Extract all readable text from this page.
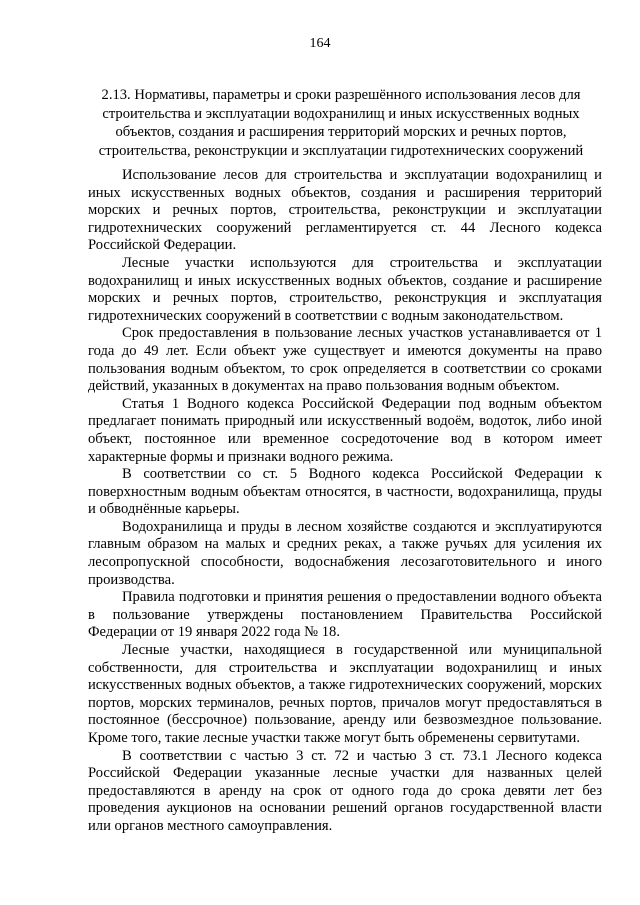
164
2.13. Нормативы, параметры и сроки разрешённого использования лесов для строительства и эксплуатации водохранилищ и иных искусственных водных объектов, создания и расширения территорий морских и речных портов, строительства, реконструкции и эксплуатации гидротехнических сооружений

Использование лесов для строительства и эксплуатации водохранилищ и иных искусственных водных объектов, создания и расширения территорий морских и речных портов, строительства, реконструкции и эксплуатации гидротехнических сооружений регламентируется ст. 44 Лесного кодекса Российской Федерации.

Лесные участки используются для строительства и эксплуатации водохранилищ и иных искусственных водных объектов, создание и расширение морских и речных портов, строительство, реконструкция и эксплуатация гидротехнических сооружений в соответствии с водным законодательством.

Срок предоставления в пользование лесных участков устанавливается от 1 года до 49 лет. Если объект уже существует и имеются документы на право пользования водным объектом, то срок определяется в соответствии со сроками действий, указанных в документах на право пользования водным объектом.

Статья 1 Водного кодекса Российской Федерации под водным объектом предлагает понимать природный или искусственный водоём, водоток, либо иной объект, постоянное или временное сосредоточение вод в котором имеет характерные формы и признаки водного режима.

В соответствии со ст. 5 Водного кодекса Российской Федерации к поверхностным водным объектам относятся, в частности, водохранилища, пруды и обводнённые карьеры.

Водохранилища и пруды в лесном хозяйстве создаются и эксплуатируются главным образом на малых и средних реках, а также ручьях для усиления их лесопропускной способности, водоснабжения лесозаготовительного и иного производства.

Правила подготовки и принятия решения о предоставлении водного объекта в пользование утверждены постановлением Правительства Российской Федерации от 19 января 2022 года № 18.

Лесные участки, находящиеся в государственной или муниципальной собственности, для строительства и эксплуатации водохранилищ и иных искусственных водных объектов, а также гидротехнических сооружений, морских портов, морских терминалов, речных портов, причалов могут предоставляться в постоянное (бессрочное) пользование, аренду или безвозмездное пользование. Кроме того, такие лесные участки также могут быть обременены сервитутами.

В соответствии с частью 3 ст. 72 и частью 3 ст. 73.1 Лесного кодекса Российской Федерации указанные лесные участки для названных целей предоставляются в аренду на срок от одного года до срока девяти лет без проведения аукционов на основании решений органов государственной власти или органов местного самоуправления.
